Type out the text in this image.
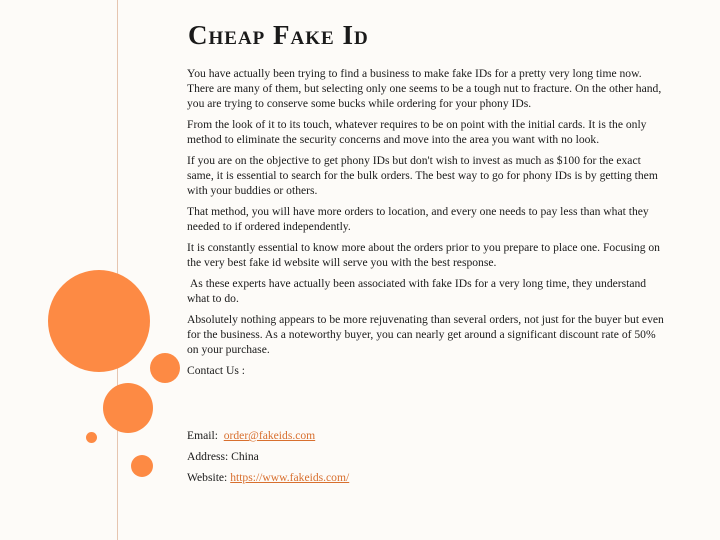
Cheap Fake Id

You have actually been trying to find a business to make fake IDs for a pretty very long time now. There are many of them, but selecting only one seems to be a tough nut to fracture. On the other hand, you are trying to conserve some bucks while ordering for your phony IDs.

From the look of it to its touch, whatever requires to be on point with the initial cards. It is the only method to eliminate the security concerns and move into the area you want with no look.

If you are on the objective to get phony IDs but don't wish to invest as much as $100 for the exact same, it is essential to search for the bulk orders. The best way to go for phony IDs is by getting them with your buddies or others.

That method, you will have more orders to location, and every one needs to pay less than what they needed to if ordered independently.

It is constantly essential to know more about the orders prior to you prepare to place one. Focusing on the very best fake id website will serve you with the best response.

As these experts have actually been associated with fake IDs for a very long time, they understand what to do.

Absolutely nothing appears to be more rejuvenating than several orders, not just for the buyer but even for the business. As a noteworthy buyer, you can nearly get around a significant discount rate of 50% on your purchase.

Contact Us :

Email:  order@fakeids.com

Address: China

Website: https://www.fakeids.com/
